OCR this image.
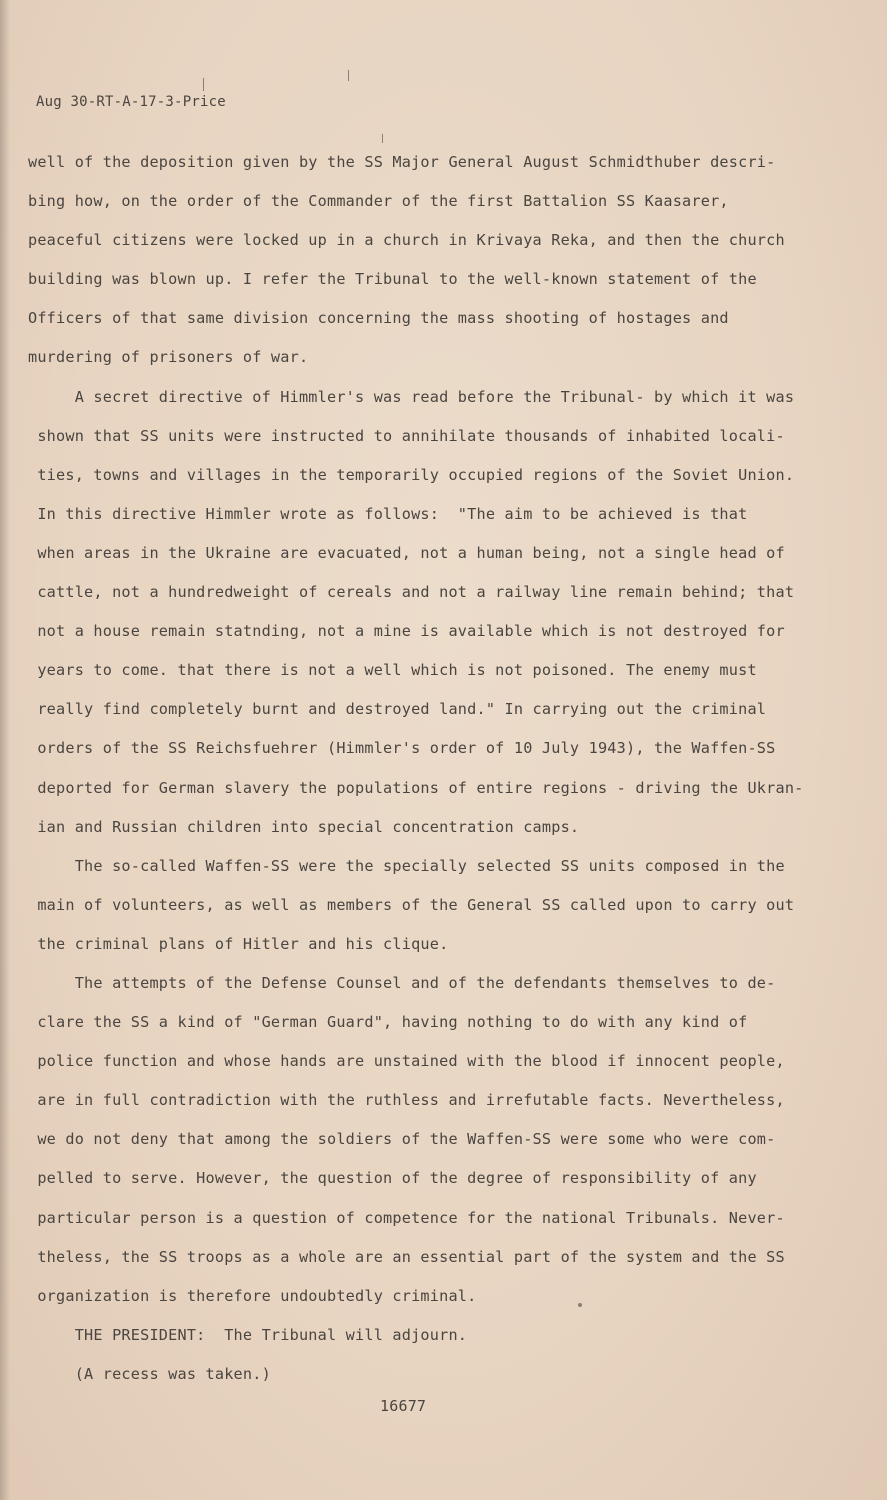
Aug 30-RT-A-17-3-Price
well of the deposition given by the SS Major General August Schmidthuber descri-
bing how, on the order of the Commander of the first Battalion SS Kaasarer,
peaceful citizens were locked up in a church in Krivaya Reka, and then the church
building was blown up. I refer the Tribunal to the well-known statement of the
Officers of that same division concerning the mass shooting of hostages and
murdering of prisoners of war.
A secret directive of Himmler's was read before the Tribunal- by which it was
shown that SS units were instructed to annihilate thousands of inhabited locali-
ties, towns and villages in the temporarily occupied regions of the Soviet Union.
In this directive Himmler wrote as follows:  "The aim to be achieved is that
when areas in the Ukraine are evacuated, not a human being, not a single head of
cattle, not a hundredweight of cereals and not a railway line remain behind; that
not a house remain statnding, not a mine is available which is not destroyed for
years to come. that there is not a well which is not poisoned. The enemy must
really find completely burnt and destroyed land." In carrying out the criminal
orders of the SS Reichsfuehrer (Himmler's order of 10 July 1943), the Waffen-SS
deported for German slavery the populations of entire regions - driving the Ukran-
ian and Russian children into special concentration camps.
The so-called Waffen-SS were the specially selected SS units composed in the
main of volunteers, as well as members of the General SS called upon to carry out
the criminal plans of Hitler and his clique.
The attempts of the Defense Counsel and of the defendants themselves to de-
clare the SS a kind of "German Guard", having nothing to do with any kind of
police function and whose hands are unstained with the blood if innocent people,
are in full contradiction with the ruthless and irrefutable facts. Nevertheless,
we do not deny that among the soldiers of the Waffen-SS were some who were com-
pelled to serve. However, the question of the degree of responsibility of any
particular person is a question of competence for the national Tribunals. Never-
theless, the SS troops as a whole are an essential part of the system and the SS
organization is therefore undoubtedly criminal.
THE PRESIDENT:  The Tribunal will adjourn.
(A recess was taken.)
16677
